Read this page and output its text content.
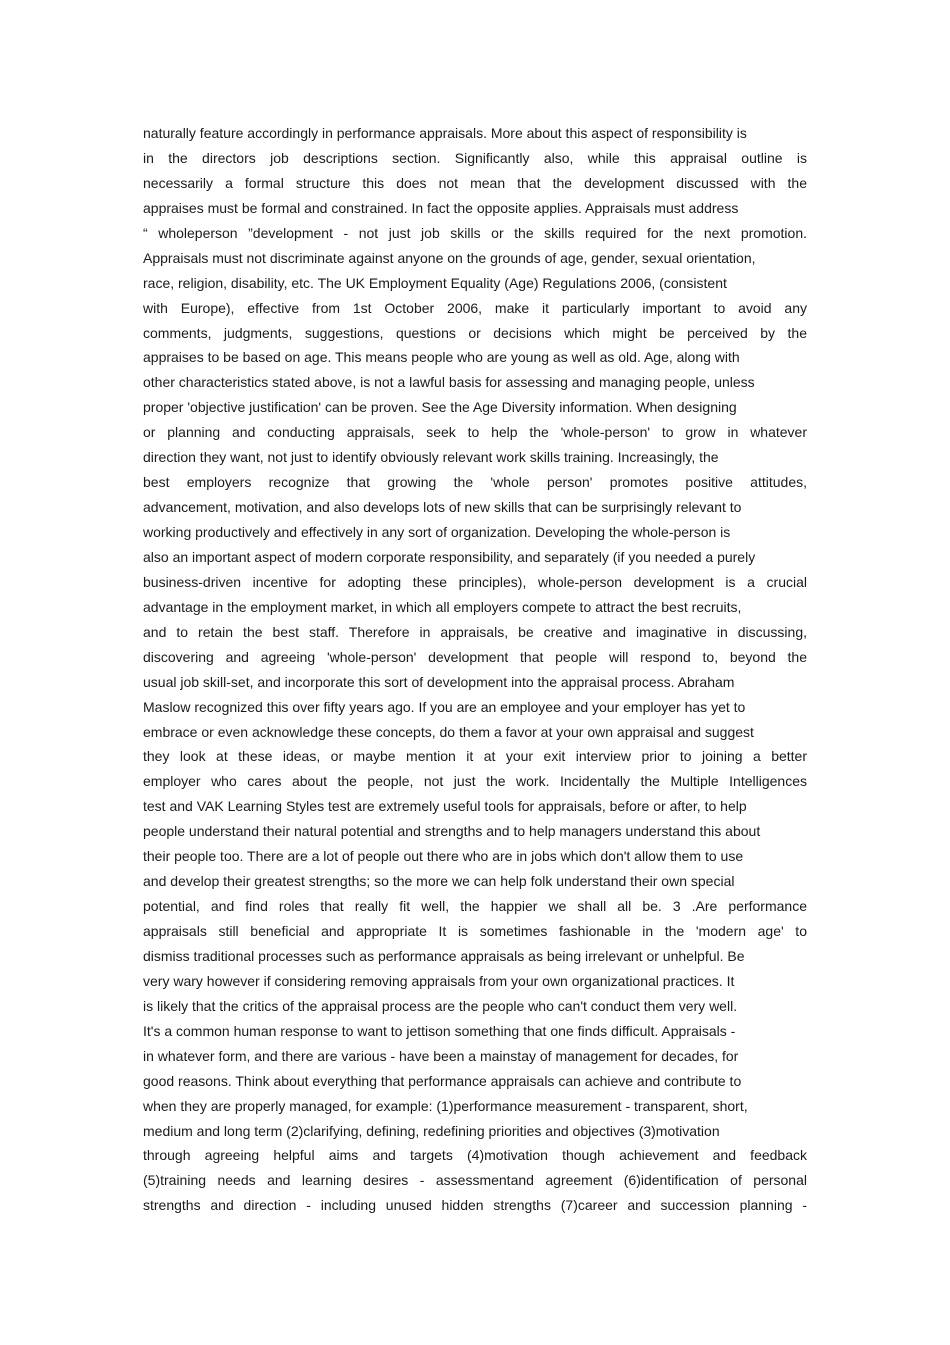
naturally feature accordingly in performance appraisals. More about this aspect of responsibility is
in the directors job descriptions section. Significantly also, while this appraisal outline is
necessarily a formal structure this does not mean that the development discussed with the
appraises must be formal and constrained. In fact the opposite applies. Appraisals must address
“ wholeperson ”development - not just job skills or the skills required for the next promotion.
Appraisals must not discriminate against anyone on the grounds of age, gender, sexual orientation,
race, religion, disability, etc. The UK Employment Equality (Age) Regulations 2006, (consistent
with Europe), effective from 1st October 2006, make it particularly important to avoid any
comments, judgments, suggestions, questions or decisions which might be perceived by the
appraises to be based on age. This means people who are young as well as old. Age, along with
other characteristics stated above, is not a lawful basis for assessing and managing people, unless
proper 'objective justification' can be proven. See the Age Diversity information. When designing
or planning and conducting appraisals, seek to help the 'whole-person' to grow in whatever
direction they want, not just to identify obviously relevant work skills training. Increasingly, the
best employers recognize that growing the 'whole person' promotes positive attitudes,
advancement, motivation, and also develops lots of new skills that can be surprisingly relevant to
working productively and effectively in any sort of organization. Developing the whole-person is
also an important aspect of modern corporate responsibility, and separately (if you needed a purely
business-driven incentive for adopting these principles), whole-person development is a crucial
advantage in the employment market, in which all employers compete to attract the best recruits,
and to retain the best staff. Therefore in appraisals, be creative and imaginative in discussing,
discovering and agreeing 'whole-person' development that people will respond to, beyond the
usual job skill-set, and incorporate this sort of development into the appraisal process. Abraham
Maslow recognized this over fifty years ago. If you are an employee and your employer has yet to
embrace or even acknowledge these concepts, do them a favor at your own appraisal and suggest
they look at these ideas, or maybe mention it at your exit interview prior to joining a better
employer who cares about the people, not just the work. Incidentally the Multiple Intelligences
test and VAK Learning Styles test are extremely useful tools for appraisals, before or after, to help
people understand their natural potential and strengths and to help managers understand this about
their people too. There are a lot of people out there who are in jobs which don't allow them to use
and develop their greatest strengths; so the more we can help folk understand their own special
potential, and find roles that really fit well, the happier we shall all be. 3 .Are performance
appraisals still beneficial and appropriate It is sometimes fashionable in the 'modern age' to
dismiss traditional processes such as performance appraisals as being irrelevant or unhelpful. Be
very wary however if considering removing appraisals from your own organizational practices. It
is likely that the critics of the appraisal process are the people who can't conduct them very well.
It's a common human response to want to jettison something that one finds difficult. Appraisals -
in whatever form, and there are various - have been a mainstay of management for decades, for
good reasons. Think about everything that performance appraisals can achieve and contribute to
when they are properly managed, for example: (1)performance measurement - transparent, short,
medium and long term (2)clarifying, defining, redefining priorities and objectives (3)motivation
through agreeing helpful aims and targets (4)motivation though achievement and feedback
(5)training needs and learning desires - assessmentand agreement (6)identification of personal
strengths and direction - including unused hidden strengths (7)career and succession planning -
